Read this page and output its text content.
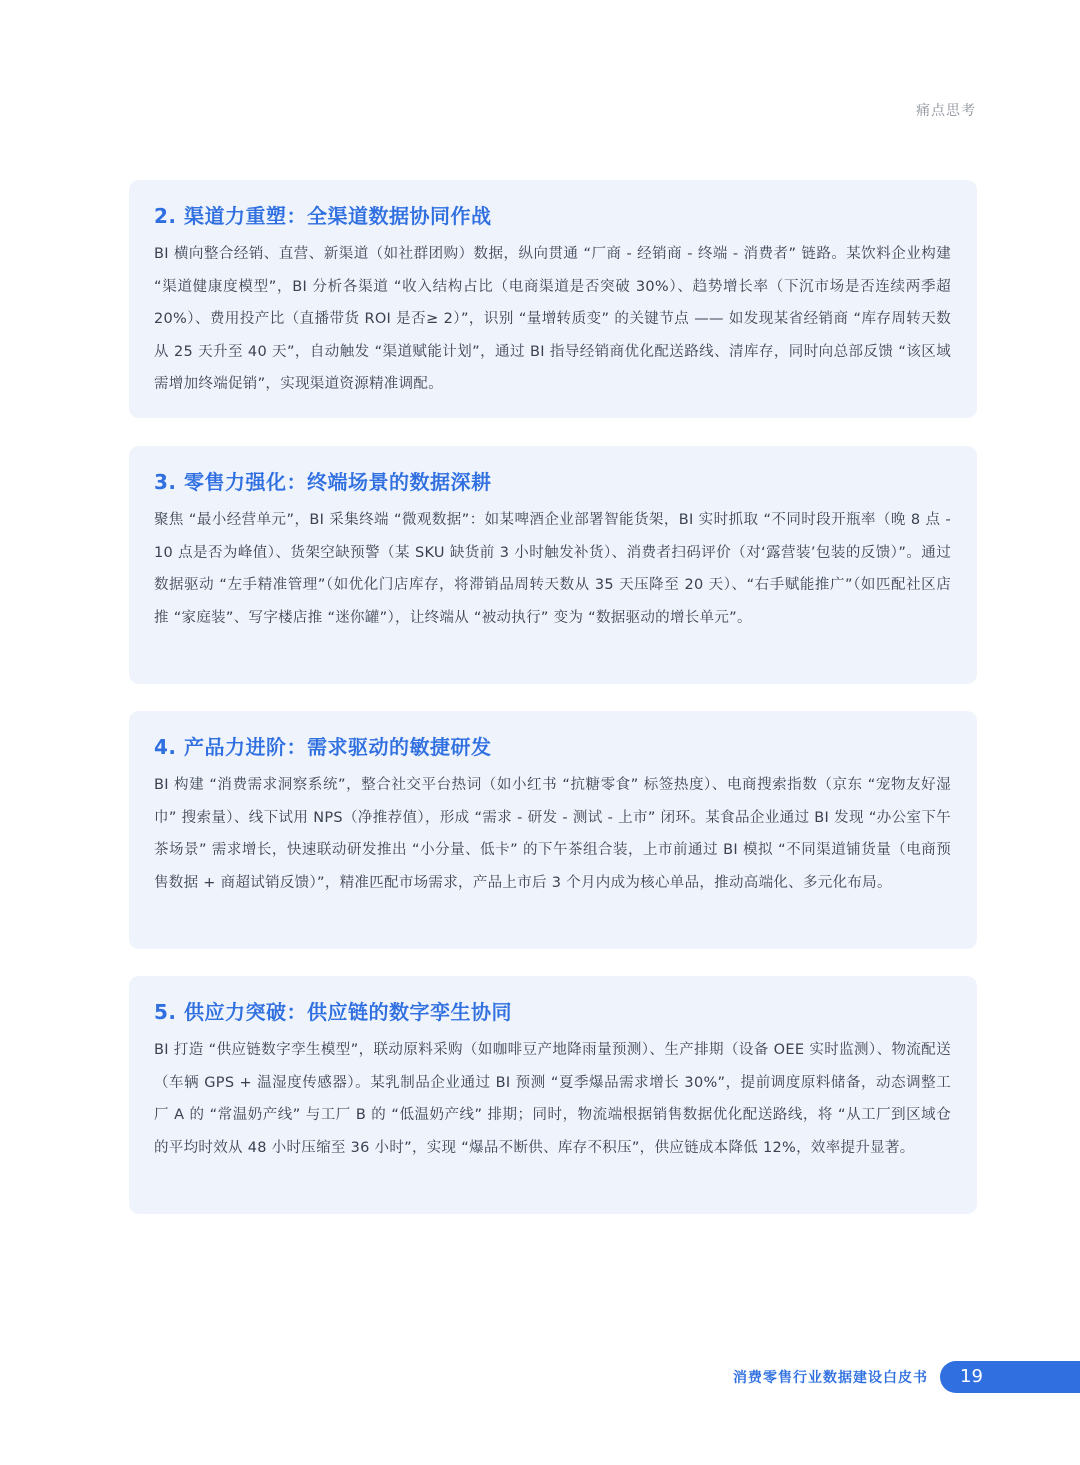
痛点思考
2. 渠道力重塑：全渠道数据协同作战

BI 横向整合经销、直营、新渠道（如社群团购）数据，纵向贯通 “厂商 - 经销商 - 终端 - 消费者” 链路。某饮料企业构建 “渠道健康度模型”，BI 分析各渠道 “收入结构占比（电商渠道是否突破 30%）、趋势增长率（下沉市场是否连续两季超 20%）、费用投产比（直播带货 ROI 是否≥ 2）”，识别 “量增转质变” 的关键节点 —— 如发现某省经销商 “库存周转天数从 25 天升至 40 天”，自动触发 “渠道赋能计划”，通过 BI 指导经销商优化配送路线、清库存，同时向总部反馈 “该区域需增加终端促销”，实现渠道资源精准调配。

3. 零售力强化：终端场景的数据深耕

聚焦 “最小经营单元”，BI 采集终端 “微观数据”：如某啤酒企业部署智能货架，BI 实时抓取 “不同时段开瓶率（晚 8 点 - 10 点是否为峰值）、货架空缺预警（某 SKU 缺货前 3 小时触发补货）、消费者扫码评价（对‘露营装’包装的反馈）”。通过数据驱动 “左手精准管理”（如优化门店库存，将滞销品周转天数从 35 天压降至 20 天）、“右手赋能推广”（如匹配社区店推 “家庭装”、写字楼店推 “迷你罐”），让终端从 “被动执行” 变为 “数据驱动的增长单元”。

4. 产品力进阶：需求驱动的敏捷研发

BI 构建 “消费需求洞察系统”，整合社交平台热词（如小红书 “抗糖零食” 标签热度）、电商搜索指数（京东 “宠物友好湿巾” 搜索量）、线下试用 NPS（净推荐值），形成 “需求 - 研发 - 测试 - 上市” 闭环。某食品企业通过 BI 发现 “办公室下午茶场景” 需求增长，快速联动研发推出 “小分量、低卡” 的下午茶组合装，上市前通过 BI 模拟 “不同渠道铺货量（电商预售数据 + 商超试销反馈）”，精准匹配市场需求，产品上市后 3 个月内成为核心单品，推动高端化、多元化布局。

5. 供应力突破：供应链的数字孪生协同

BI 打造 “供应链数字孪生模型”，联动原料采购（如咖啡豆产地降雨量预测）、生产排期（设备 OEE 实时监测）、物流配送（车辆 GPS + 温湿度传感器）。某乳制品企业通过 BI 预测 “夏季爆品需求增长 30%”，提前调度原料储备，动态调整工厂 A 的 “常温奶产线” 与工厂 B 的 “低温奶产线” 排期；同时，物流端根据销售数据优化配送路线，将 “从工厂到区域仓的平均时效从 48 小时压缩至 36 小时”，实现 “爆品不断供、库存不积压”，供应链成本降低 12%，效率提升显著。

消费零售行业数据建设白皮书	19
